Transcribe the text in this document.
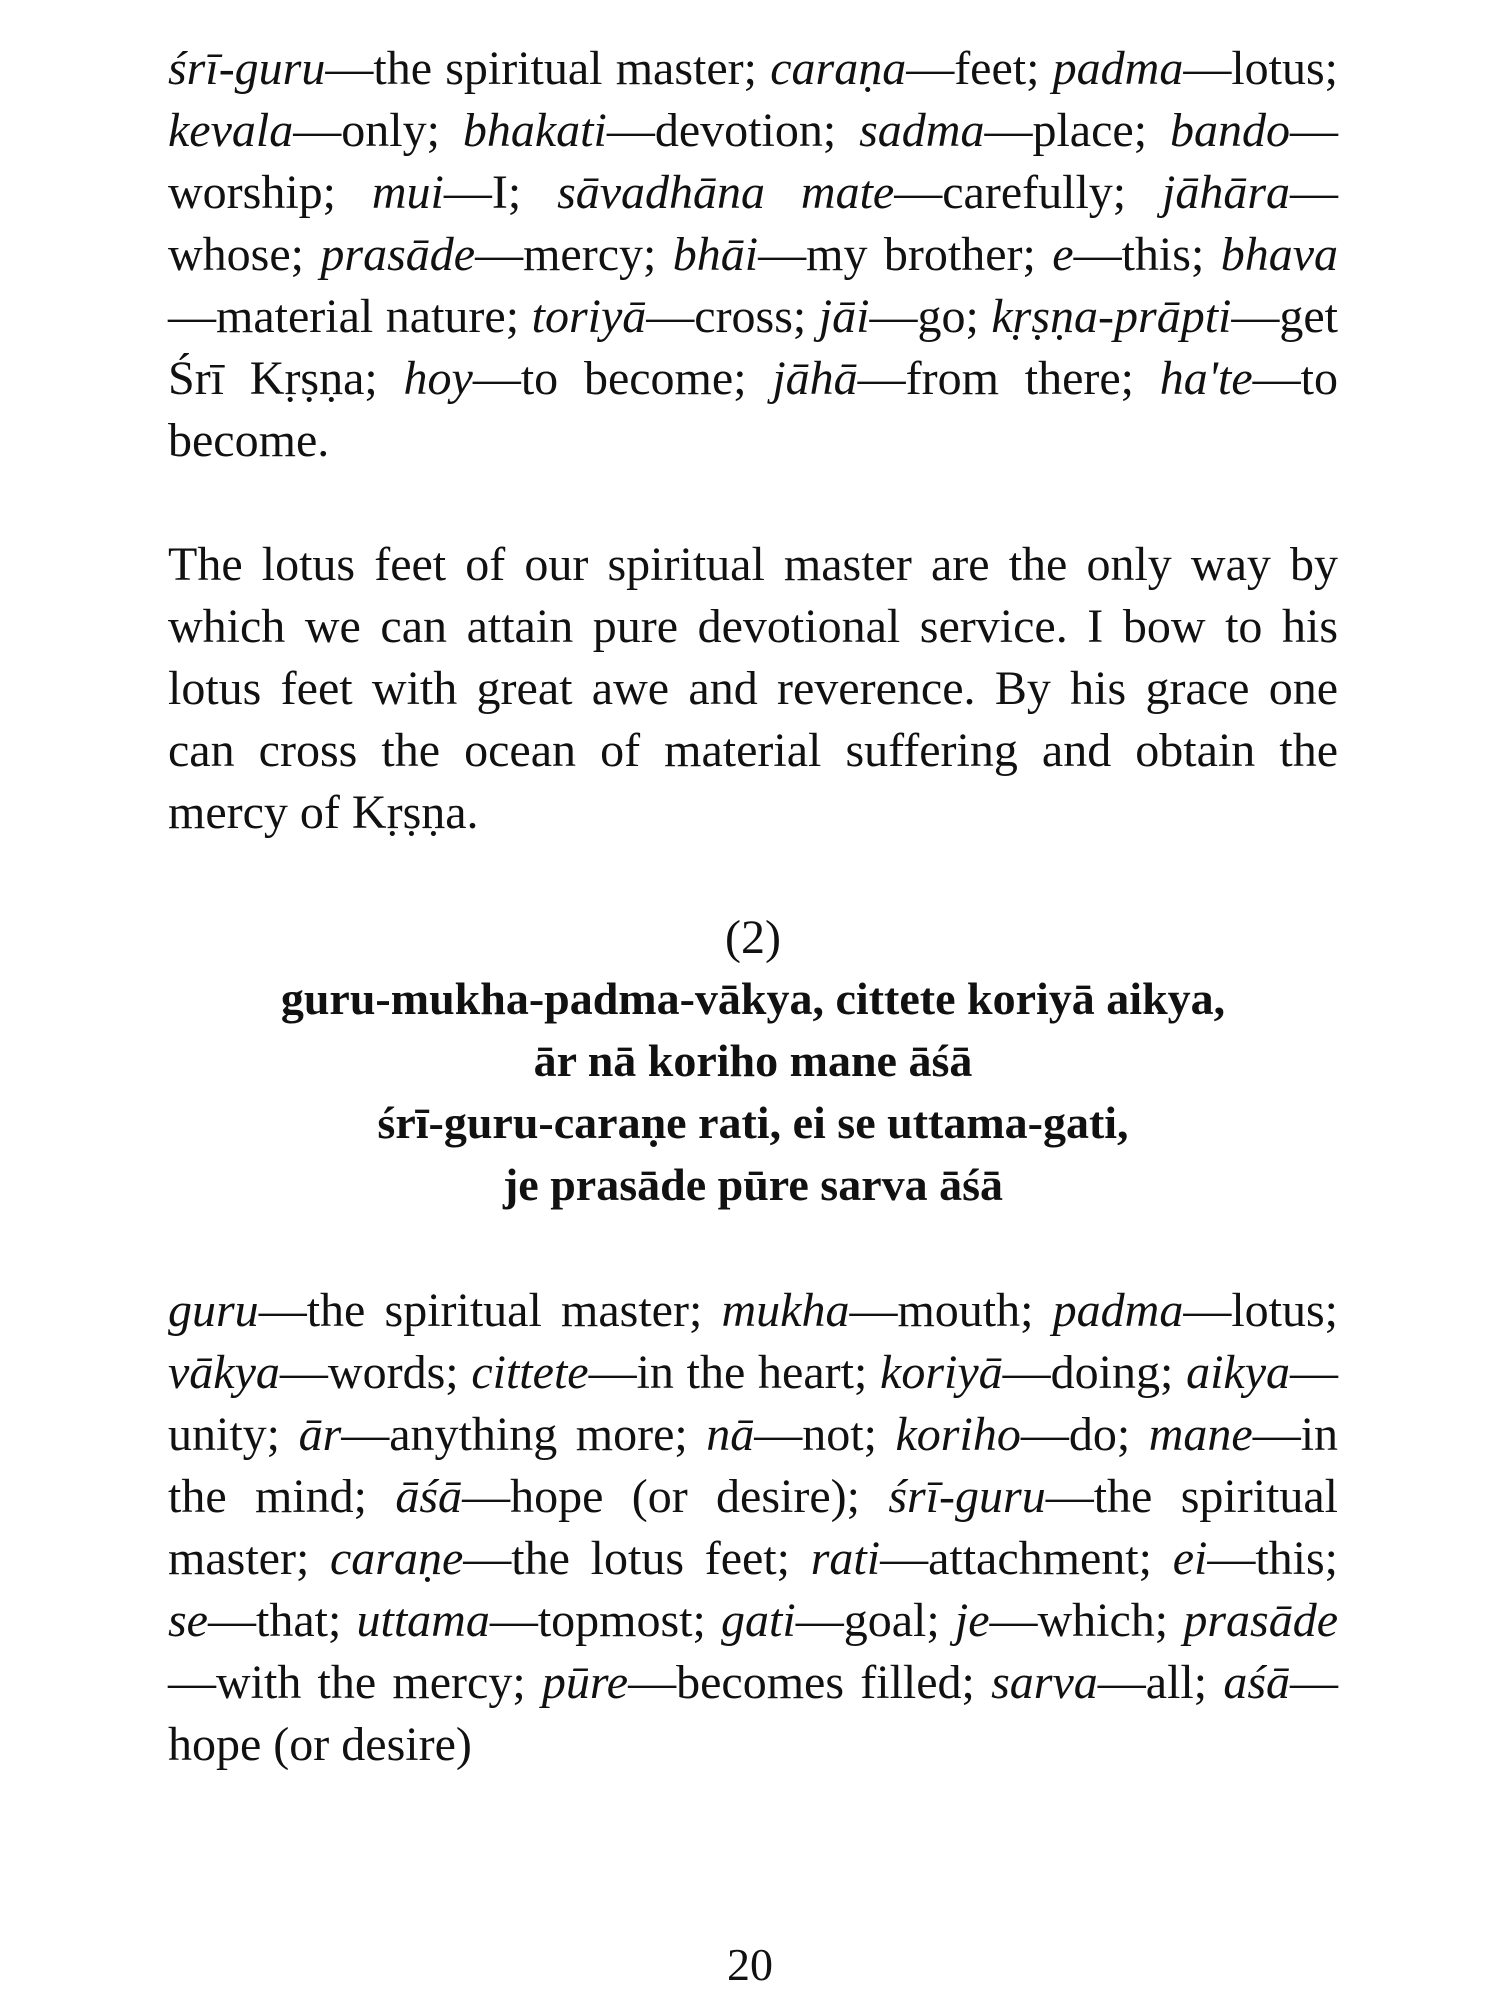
śrī-guru—the spiritual master; caraṇa—feet; padma—lotus; kevala—only; bhakati—devotion; sadma—place; bando—worship; mui—I; sāvadhāna mate—carefully; jāhāra—whose; prasāde—mercy; bhāi—my brother; e—this; bhava—material nature; toriyā—cross; jāi—go; kṛṣṇa-prāpti—get Śrī Kṛṣṇa; hoy—to become; jāhā—from there; ha'te—to become.

The lotus feet of our spiritual master are the only way by which we can attain pure devotional service. I bow to his lotus feet with great awe and reverence. By his grace one can cross the ocean of material suffering and obtain the mercy of Kṛṣṇa.

(2)

guru-mukha-padma-vākya, cittete koriyā aikya,
ār nā koriho mane āśā
śrī-guru-caraṇe rati, ei se uttama-gati,
je prasāde pūre sarva āśā

guru—the spiritual master; mukha—mouth; padma—lotus; vākya—words; cittete—in the heart; koriyā—doing; aikya—unity; ār—anything more; nā—not; koriho—do; mane—in the mind; āśā—hope (or desire); śrī-guru—the spiritual master; caraṇe—the lotus feet; rati—attachment; ei—this; se—that; uttama—topmost; gati—goal; je—which; prasāde—with the mercy; pūre—becomes filled; sarva—all; aśā—hope (or desire)

20
